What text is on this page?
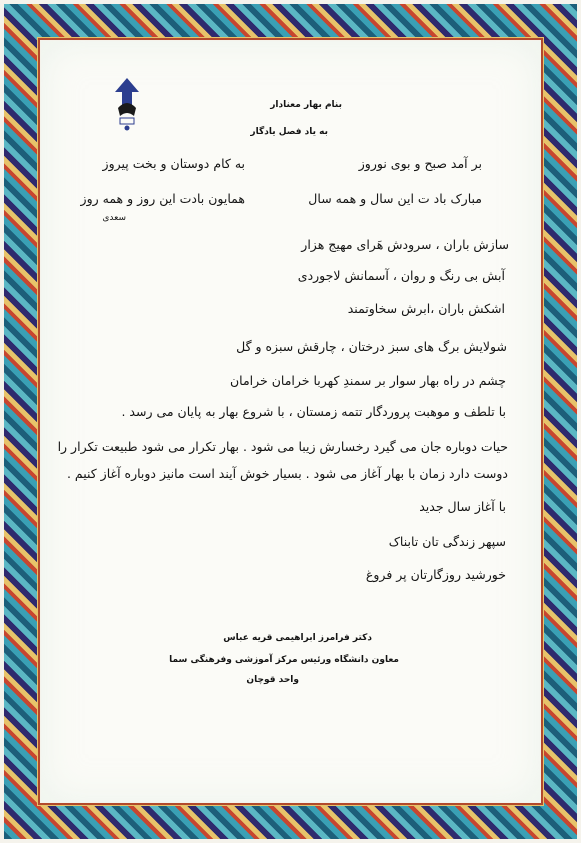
بنام بهار معنادار
به یاد فصل یادگار
بر آمد صبح و بوی نوروز
به کام دوستان و بخت پیروز
مبارک باد ت این سال و همه سال
همایون بادت این روز و همه روز
سعدی
سازش باران ، سرودش هَرای مهیج هزار
آبش بی رنگ و روان ، آسمانش لاجوردی
اشکش باران ،ابرش سخاوتمند
شولایش برگ های سبز درختان ، چارقش سبزه و گل
چشم در راه بهار سوار بر سمندِ کهربا خرامان خرامان
با تلطف و موهبت پروردگار تتمه زمستان ، با شروع بهار به پایان می رسد .
حیات دوباره جان می گیرد رخسارش زیبا می شود . بهار تکرار می شود طبیعت تکرار را
دوست دارد زمان با بهار آغاز می شود . بسیار خوش آیند است مانیز دوباره آغاز کنیم .
با آغاز سال جدید
سپهر زندگی تان تابناک
خورشید روزگارتان پر فروغ
دکتر فرامرز ابراهیمی قریه عباس
معاون دانشگاه ورئیس مرکز آموزشی وفرهنگی سما
واحد قوچان
